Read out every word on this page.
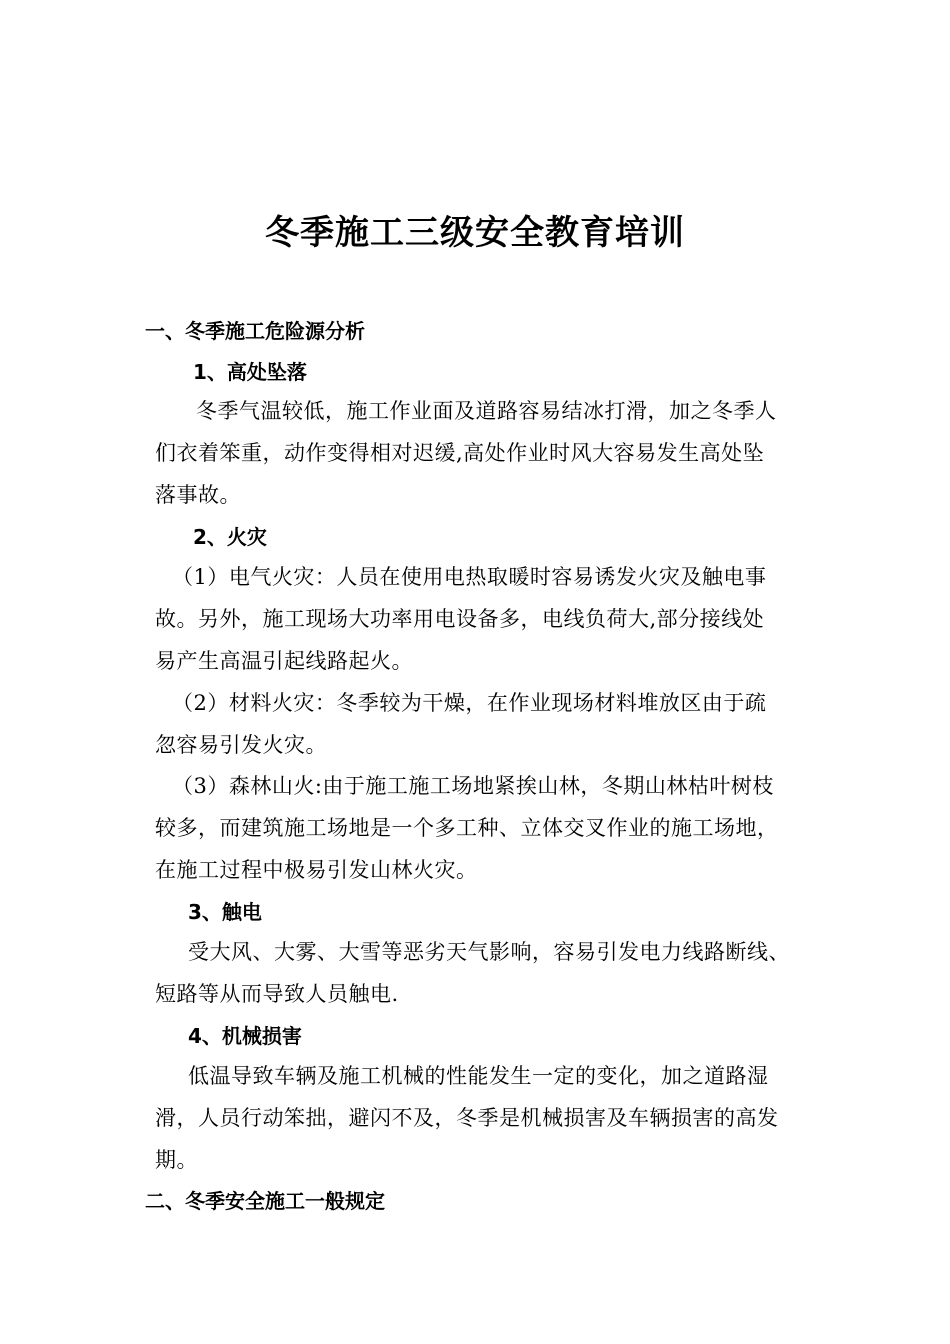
冬季施工三级安全教育培训
一、冬季施工危险源分析
1、高处坠落
冬季气温较低，施工作业面及道路容易结冰打滑，加之冬季人
们衣着笨重，动作变得相对迟缓,高处作业时风大容易发生高处坠
落事故。
2、火灾
（1）电气火灾：人员在使用电热取暖时容易诱发火灾及触电事
故。另外，施工现场大功率用电设备多，电线负荷大,部分接线处
易产生高温引起线路起火。
（2）材料火灾：冬季较为干燥，在作业现场材料堆放区由于疏
忽容易引发火灾。
（3）森林山火:由于施工施工场地紧挨山林，冬期山林枯叶树枝
较多，而建筑施工场地是一个多工种、立体交叉作业的施工场地，
在施工过程中极易引发山林火灾。
3、触电
受大风、大雾、大雪等恶劣天气影响，容易引发电力线路断线、
短路等从而导致人员触电.
4、机械损害
低温导致车辆及施工机械的性能发生一定的变化，加之道路湿
滑，人员行动笨拙，避闪不及，冬季是机械损害及车辆损害的高发
期。
二、冬季安全施工一般规定
